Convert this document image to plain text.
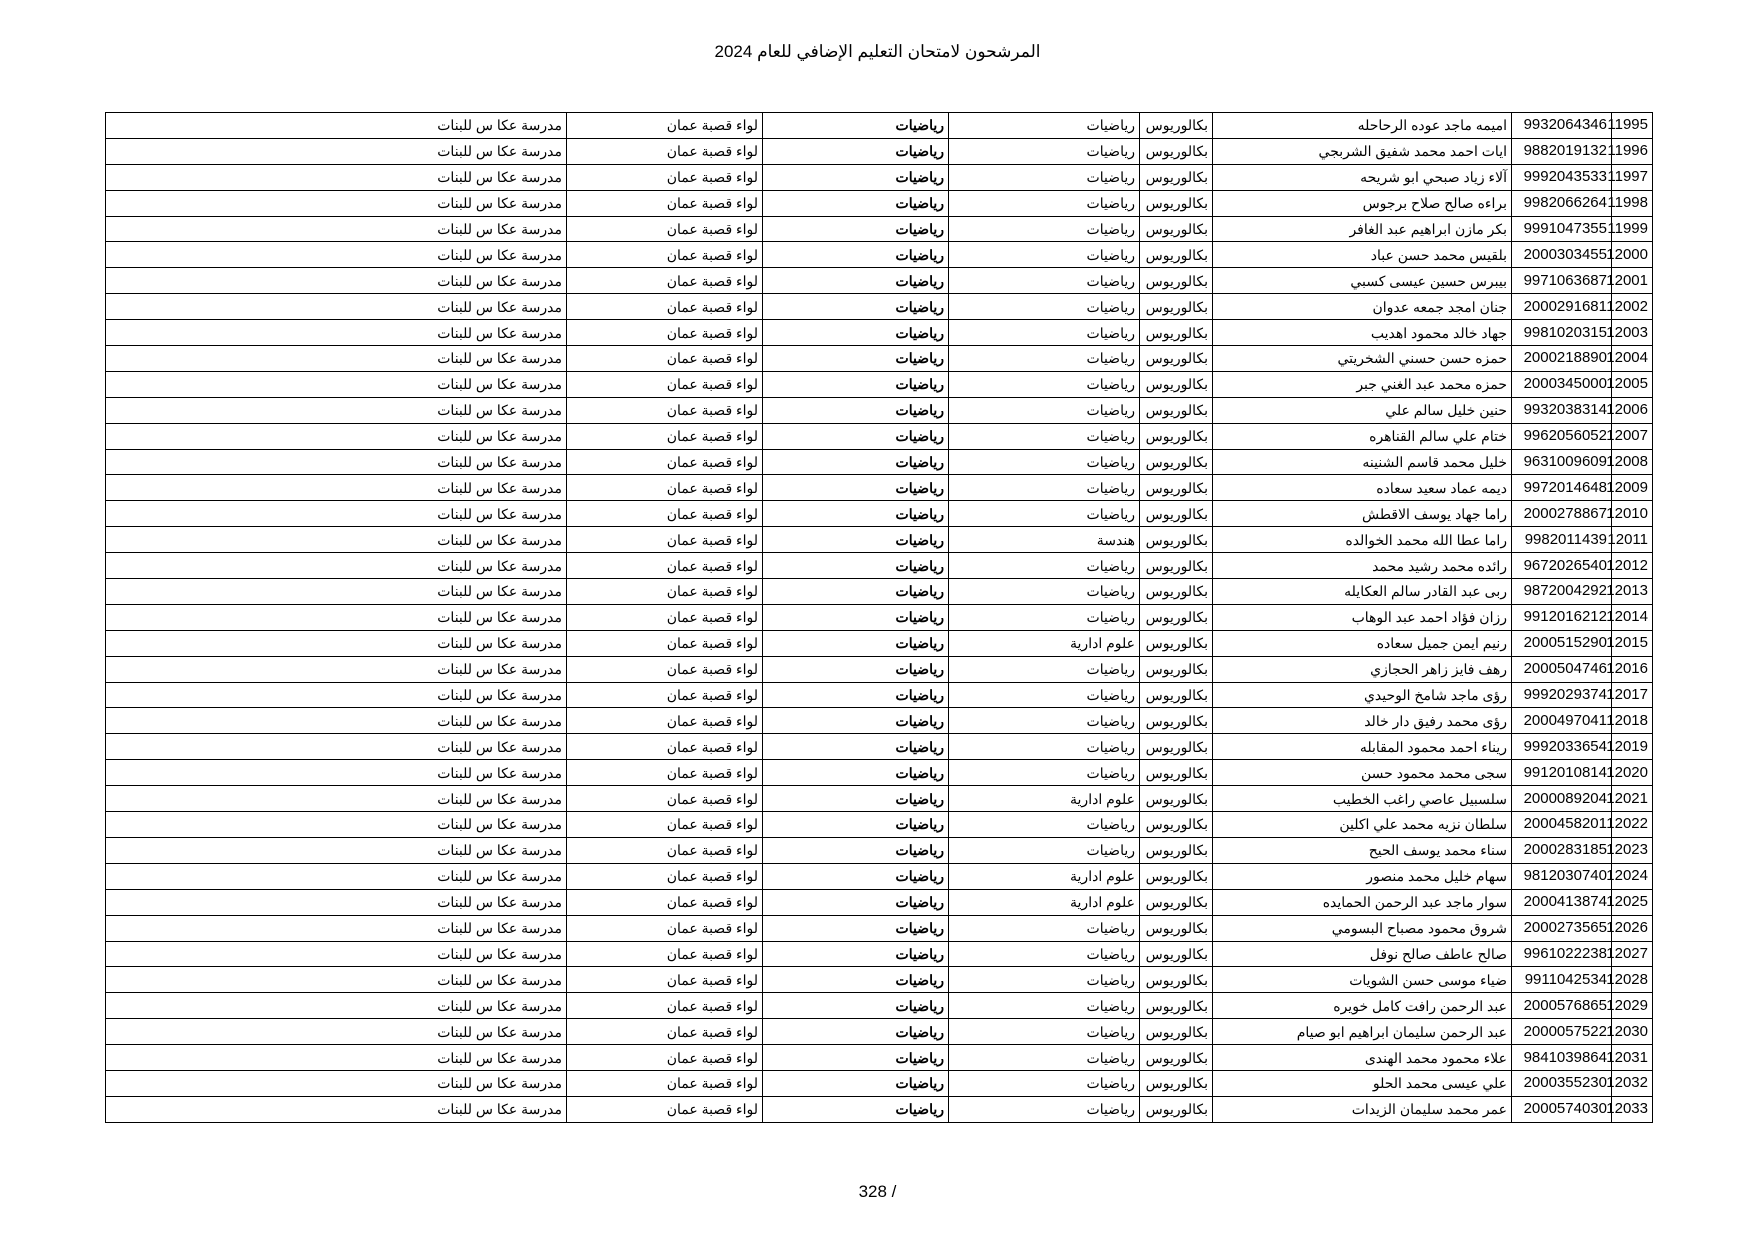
المرشحون لامتحان التعليم الإضافي للعام 2024
11995	9932064346	اميمه ماجد عوده الرحاحله	بكالوريوس	رياضيات	رياضيات	لواء قصبة عمان	مدرسة عكا س للبنات
11996	9882019132	ايات احمد محمد شفيق الشربجي	بكالوريوس	رياضيات	رياضيات	لواء قصبة عمان	مدرسة عكا س للبنات
11997	9992043533	آلاء زياد صبحي ابو شريحه	بكالوريوس	رياضيات	رياضيات	لواء قصبة عمان	مدرسة عكا س للبنات
11998	9982066264	براءه صالح صلاح برجوس	بكالوريوس	رياضيات	رياضيات	لواء قصبة عمان	مدرسة عكا س للبنات
11999	9991047355	بكر مازن ابراهيم عبد الغافر	بكالوريوس	رياضيات	رياضيات	لواء قصبة عمان	مدرسة عكا س للبنات
12000	2000303455	بلقيس محمد حسن عباد	بكالوريوس	رياضيات	رياضيات	لواء قصبة عمان	مدرسة عكا س للبنات
12001	9971063687	بيبرس حسين عيسى كسبي	بكالوريوس	رياضيات	رياضيات	لواء قصبة عمان	مدرسة عكا س للبنات
12002	2000291681	جنان امجد جمعه عدوان	بكالوريوس	رياضيات	رياضيات	لواء قصبة عمان	مدرسة عكا س للبنات
12003	9981020315	جهاد خالد محمود اهديب	بكالوريوس	رياضيات	رياضيات	لواء قصبة عمان	مدرسة عكا س للبنات
12004	2000218890	حمزه حسن حسني الشخريتي	بكالوريوس	رياضيات	رياضيات	لواء قصبة عمان	مدرسة عكا س للبنات
12005	2000345000	حمزه محمد عبد الغني جبر	بكالوريوس	رياضيات	رياضيات	لواء قصبة عمان	مدرسة عكا س للبنات
12006	9932038314	حنين خليل سالم علي	بكالوريوس	رياضيات	رياضيات	لواء قصبة عمان	مدرسة عكا س للبنات
12007	9962056052	ختام علي سالم القناهره	بكالوريوس	رياضيات	رياضيات	لواء قصبة عمان	مدرسة عكا س للبنات
12008	9631009609	خليل محمد قاسم الشنينه	بكالوريوس	رياضيات	رياضيات	لواء قصبة عمان	مدرسة عكا س للبنات
12009	9972014648	ديمه عماد سعيد سعاده	بكالوريوس	رياضيات	رياضيات	لواء قصبة عمان	مدرسة عكا س للبنات
12010	2000278867	راما جهاد يوسف الاقطش	بكالوريوس	رياضيات	رياضيات	لواء قصبة عمان	مدرسة عكا س للبنات
12011	9982011439	راما عطا الله محمد الخوالده	بكالوريوس	هندسة	رياضيات	لواء قصبة عمان	مدرسة عكا س للبنات
12012	9672026540	رائده محمد رشيد محمد	بكالوريوس	رياضيات	رياضيات	لواء قصبة عمان	مدرسة عكا س للبنات
12013	9872004292	ربى عبد القادر سالم العكايله	بكالوريوس	رياضيات	رياضيات	لواء قصبة عمان	مدرسة عكا س للبنات
12014	9912016212	رزان فؤاد احمد عبد الوهاب	بكالوريوس	رياضيات	رياضيات	لواء قصبة عمان	مدرسة عكا س للبنات
12015	2000515290	رنيم ايمن جميل سعاده	بكالوريوس	علوم ادارية	رياضيات	لواء قصبة عمان	مدرسة عكا س للبنات
12016	2000504746	رهف فايز زاهر الحجازي	بكالوريوس	رياضيات	رياضيات	لواء قصبة عمان	مدرسة عكا س للبنات
12017	9992029374	رؤى ماجد شامخ الوحيدي	بكالوريوس	رياضيات	رياضيات	لواء قصبة عمان	مدرسة عكا س للبنات
12018	2000497041	رؤى محمد رفيق دار خالد	بكالوريوس	رياضيات	رياضيات	لواء قصبة عمان	مدرسة عكا س للبنات
12019	9992033654	ريناء احمد محمود المقابله	بكالوريوس	رياضيات	رياضيات	لواء قصبة عمان	مدرسة عكا س للبنات
12020	9912010814	سجى محمد محمود حسن	بكالوريوس	رياضيات	رياضيات	لواء قصبة عمان	مدرسة عكا س للبنات
12021	2000089204	سلسبيل عاصي راغب الخطيب	بكالوريوس	علوم ادارية	رياضيات	لواء قصبة عمان	مدرسة عكا س للبنات
12022	2000458201	سلطان نزيه محمد علي اكلين	بكالوريوس	رياضيات	رياضيات	لواء قصبة عمان	مدرسة عكا س للبنات
12023	2000283185	سناء محمد يوسف الحيح	بكالوريوس	رياضيات	رياضيات	لواء قصبة عمان	مدرسة عكا س للبنات
12024	9812030740	سهام خليل محمد منصور	بكالوريوس	علوم ادارية	رياضيات	لواء قصبة عمان	مدرسة عكا س للبنات
12025	2000413874	سوار ماجد عبد الرحمن الحمايده	بكالوريوس	علوم ادارية	رياضيات	لواء قصبة عمان	مدرسة عكا س للبنات
12026	2000273565	شروق محمود مصباح البسومي	بكالوريوس	رياضيات	رياضيات	لواء قصبة عمان	مدرسة عكا س للبنات
12027	9961022238	صالح عاطف صالح نوفل	بكالوريوس	رياضيات	رياضيات	لواء قصبة عمان	مدرسة عكا س للبنات
12028	9911042534	ضياء موسى حسن الشويات	بكالوريوس	رياضيات	رياضيات	لواء قصبة عمان	مدرسة عكا س للبنات
12029	2000576865	عبد الرحمن رافت كامل خويره	بكالوريوس	رياضيات	رياضيات	لواء قصبة عمان	مدرسة عكا س للبنات
12030	2000057522	عبد الرحمن سليمان ابراهيم ابو صيام	بكالوريوس	رياضيات	رياضيات	لواء قصبة عمان	مدرسة عكا س للبنات
12031	9841039864	علاء محمود محمد الهندى	بكالوريوس	رياضيات	رياضيات	لواء قصبة عمان	مدرسة عكا س للبنات
12032	2000355230	علي عيسى محمد الحلو	بكالوريوس	رياضيات	رياضيات	لواء قصبة عمان	مدرسة عكا س للبنات
12033	2000574030	عمر محمد سليمان الزيدات	بكالوريوس	رياضيات	رياضيات	لواء قصبة عمان	مدرسة عكا س للبنات
328 /
